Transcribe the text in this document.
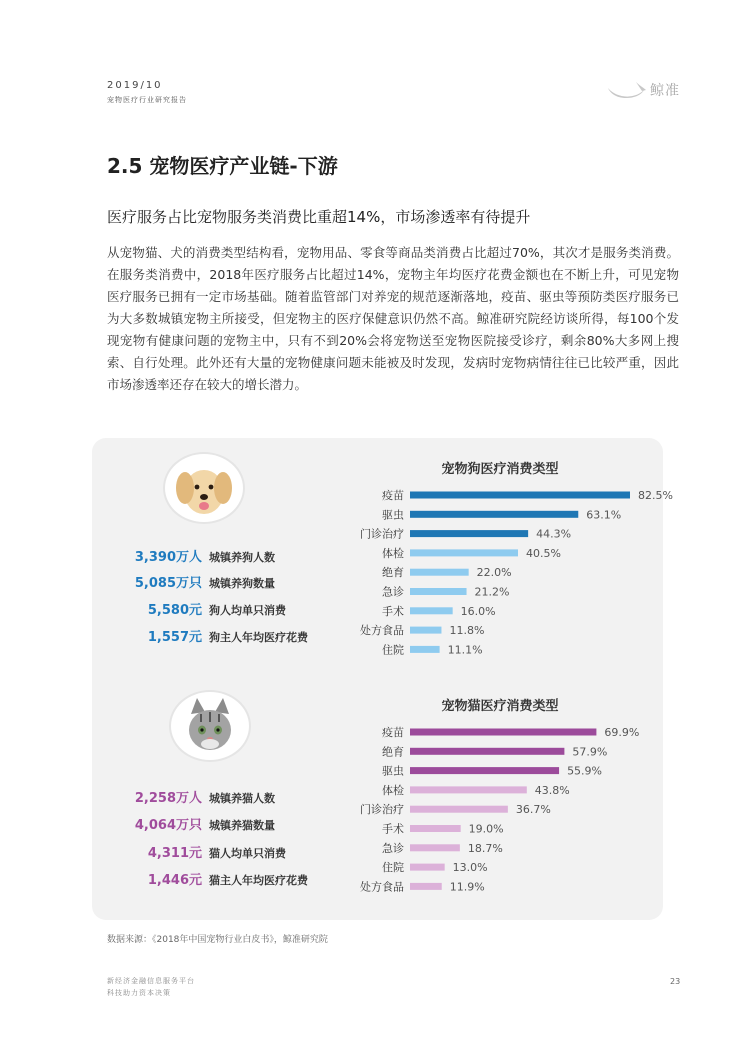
2019/10
宠物医疗行业研究报告
鲸准
2.5 宠物医疗产业链-下游
医疗服务占比宠物服务类消费比重超14%，市场渗透率有待提升
从宠物猫、犬的消费类型结构看，宠物用品、零食等商品类消费占比超过70%，其次才是服务类消费。在服务类消费中，2018年医疗服务占比超过14%，宠物主年均医疗花费金额也在不断上升，可见宠物医疗服务已拥有一定市场基础。随着监管部门对养宠的规范逐渐落地，疫苗、驱虫等预防类医疗服务已为大多数城镇宠物主所接受，但宠物主的医疗保健意识仍然不高。鲸准研究院经访谈所得，每100个发现宠物有健康问题的宠物主中，只有不到20%会将宠物送至宠物医院接受诊疗，剩余80%大多网上搜索、自行处理。此外还有大量的宠物健康问题未能被及时发现，发病时宠物病情往往已比较严重，因此市场渗透率还存在较大的增长潜力。
3,390万人 城镇养狗人数
5,085万只 城镇养狗数量
5,580元 狗人均单只消费
1,557元 狗主人年均医疗花费
2,258万人 城镇养猫人数
4,064万只 城镇养猫数量
4,311元 猫人均单只消费
1,446元 猫主人年均医疗花费
宠物狗医疗消费类型
疫苗	82.5%
驱虫	63.1%
门诊治疗	44.3%
体检	40.5%
绝育	22.0%
急诊	21.2%
手术	16.0%
处方食品	11.8%
住院	11.1%
宠物猫医疗消费类型
疫苗	69.9%
绝育	57.9%
驱虫	55.9%
体检	43.8%
门诊治疗	36.7%
手术	19.0%
急诊	18.7%
住院	13.0%
处方食品	11.9%
数据来源：《2018年中国宠物行业白皮书》，鲸准研究院
新经济金融信息服务平台
科技助力资本决策
23
